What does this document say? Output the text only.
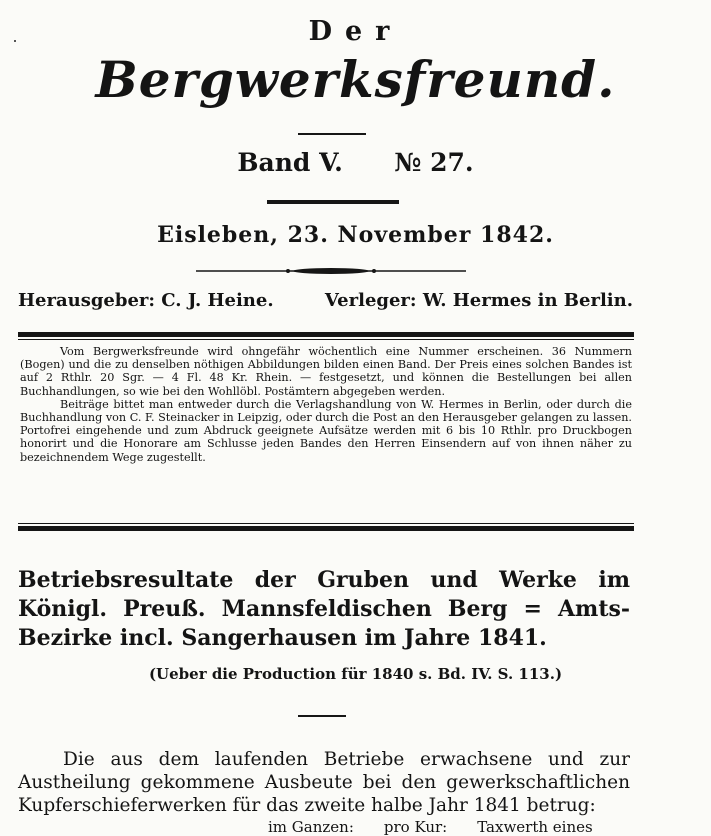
Der
Bergwerksfreund.
Band V. № 27.
Eisleben, 23. November 1842.
Herausgeber: C. J. Heine.	Verleger: W. Hermes in Berlin.

Vom Bergwerksfreunde wird ohngefähr wöchentlich eine Nummer erscheinen. 36 Nummern (Bogen) und die zu denselben nöthigen Abbildungen bilden einen Band. Der Preis eines solchen Bandes ist auf 2 Rthlr. 20 Sgr. — 4 Fl. 48 Kr. Rhein. — festgesetzt, und können die Bestellungen bei allen Buchhandlungen, so wie bei den Wohllöbl. Postämtern abgegeben werden.

Beiträge bittet man entweder durch die Verlagshandlung von W. Hermes in Berlin, oder durch die Buchhandlung von C. F. Steinacker in Leipzig, oder durch die Post an den Herausgeber gelangen zu lassen. Portofrei eingehende und zum Abdruck geeignete Aufsätze werden mit 6 bis 10 Rthlr. pro Druckbogen honorirt und die Honorare am Schlusse jeden Bandes den Herren Einsendern auf von ihnen näher zu bezeichnendem Wege zugestellt.

Betriebsresultate der Gruben und Werke im Königl. Preuß. Mannsfeldischen Berg = Amts-Bezirke incl. Sangerhausen im Jahre 1841.
(Ueber die Production für 1840 s. Bd. IV. S. 113.)

Die aus dem laufenden Betriebe erwachsene und zur Austheilung gekommene Ausbeute bei den gewerkschaftlichen Kupferschieferwerken für das zweite halbe Jahr 1841 betrug:

im Ganzen: pro Kur: Taxwerth eines
